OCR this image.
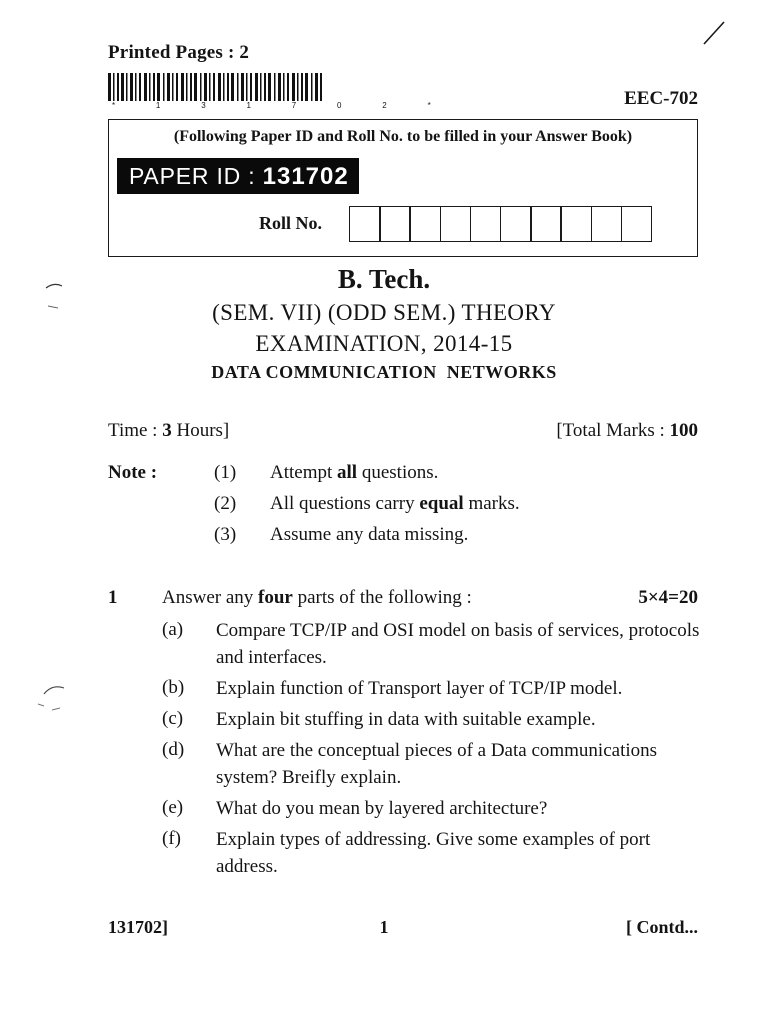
Printed Pages : 2
* 1 3 1 7 0 2 *	EEC-702
(Following Paper ID and Roll No. to be filled in your Answer Book)
PAPER ID : 131702
Roll No.
B. Tech.
(SEM. VII) (ODD SEM.) THEORY
EXAMINATION, 2014-15
DATA COMMUNICATION  NETWORKS
Time : 3 Hours]	[Total Marks : 100
Note :	(1) Attempt all questions.
(2) All questions carry equal marks.
(3) Assume any data missing.
1 Answer any four parts of the following :	5×4=20
(a) Compare TCP/IP and OSI model on basis of services, protocols and interfaces.
(b) Explain function of Transport layer of TCP/IP model.
(c) Explain bit stuffing in data with suitable example.
(d) What are the conceptual pieces of a Data communications system? Breifly explain.
(e) What do you mean by layered architecture?
(f) Explain types of addressing. Give some examples of port address.
131702]	1	[ Contd...
